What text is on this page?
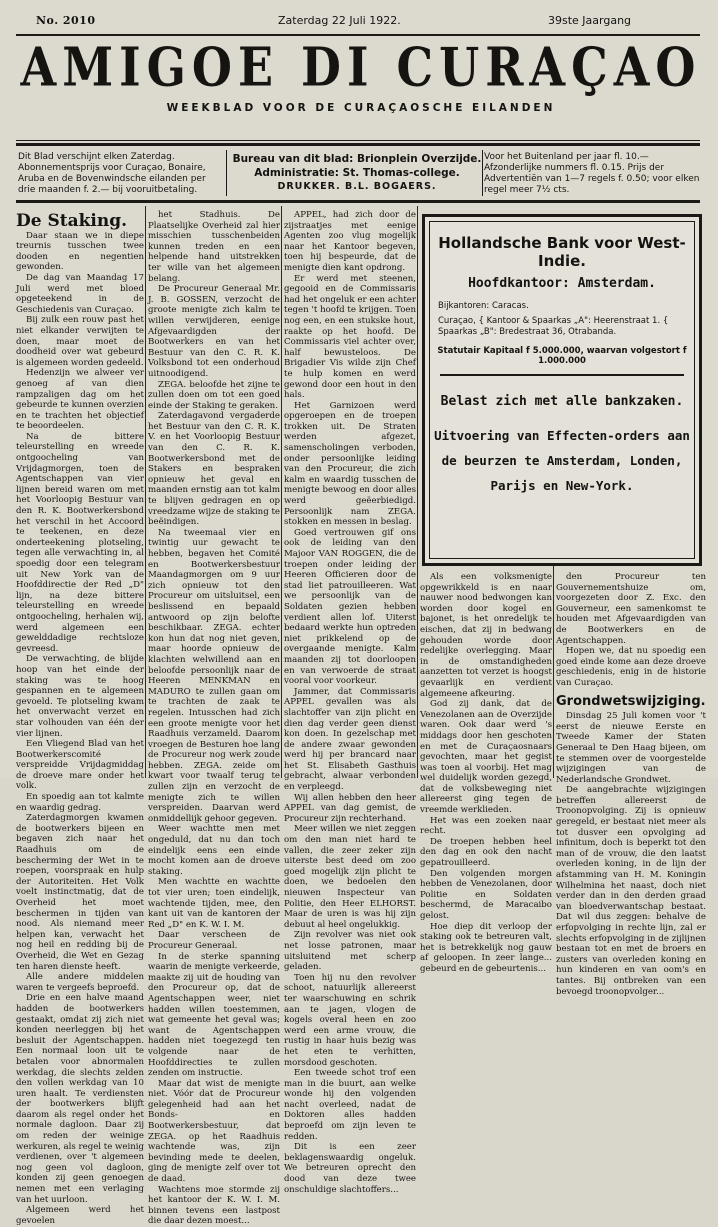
No. 2010	Zaterdag 22 Juli 1922.	39ste Jaargang
AMIGOE DI CURAÇAO
WEEKBLAD VOOR DE CURAÇAOSCHE EILANDEN
Dit Blad verschijnt elken Zaterdag. Abonnementsprijs voor Curaçao, Bonaire, Aruba en de Bovenwindsche eilanden per drie maanden f. 2.— bij vooruitbetaling.
Bureau van dit blad: Brionplein Overzijde.
Administratie: St. Thomas-college.
DRUKKER. B.L. BOGAERS.
Voor het Buitenland per jaar fl. 10.— Afzonderlijke nummers fl. 0.15. Prijs der Advertentiën van 1—7 regels f. 0.50; voor elken regel meer 7½ cts.
De Staking.

Daar staan we in diepe treurnis tusschen twee dooden en negentien gewonden.

De dag van Maandag 17 Juli werd met bloed opgeteekend in de Geschiedenis van Curaçao.

Bij zulk een rouw past het niet elkander verwijten te doen, maar moet de doodheid over wat gebeurd is algemeen worden gedeeld.

Hedenzijn we alweer ver genoeg af van dien rampzaligen dag om het gebeurde te kunnen overzien en te trachten het objectief te beoordeelen.

Na de bittere teleurstelling en wreede ontgoocheling van Vrijdagmorgen, toen de Agentschappen van vier lijnen bereid waren om met het Voorloopig Bestuur van den R. K. Bootwerkersbond het verschil in het Accoord te teekenen, en deze onderteekening plotseling, tegen alle verwachting in, al spoedig door een telegram uit New York van de Hoofddirectie der Red „D" lijn, na deze bittere teleurstelling en wreede ontgoocheling, herhalen wij, werd algemeen een gewelddadige rechtsloze gevreesd.

De verwachting, de blijde hoop van het einde der staking was te hoog gespannen en te algemeen gevoeld. Te plotseling kwam het onverwacht verzet en star volhouden van één der vier lijnen.

Een Vliegend Blad van het Bootwerkerscomité verspreidde Vrijdagmiddag de droeve mare onder het volk.

En spoedig aan tot kalmte en waardig gedrag.

Zaterdagmorgen kwamen de bootwerkers bijeen en begaven zich naar het Raadhuis om de bescherming der Wet in te roepen, voorspraak en hulp der Autoriteiten. Het Volk voelt instinctmatig, dat de Overheid het moet beschermen in tijden van nood. Als niemand meer helpen kan, verwacht het nog heil en redding bij de Overheid, die Wet en Gezag ten haren dienste heeft.

Alle andere middelen waren te vergeefs beproefd.

Drie en een halve maand hadden de bootwerkers gestaakt, omdat zij zich niet konden neerleggen bij het besluit der Agentschappen. Een normaal loon uit te betalen voor abnormalen werkdag, die slechts zelden den vollen werkdag van 10 uren haalt. Te verdiensten der bootwerkers blijft daarom als regel onder het normale dagloon. Daar zij om reden der weinige werkuren, als regel te weinig verdienen, over 't algemeen nog geen vol dagloon, konden zij geen genoegen nemen met een verlaging van het uurloon.

Algemeen werd het gevoelen

het Stadhuis. De Plaatselijke Overheid zal hier misschien tusschenbeiden kunnen treden en een helpende hand uitstrekken ter wille van het algemeen belang.

De Procureur Generaal Mr. J. B. GOSSEN, verzocht de groote menigte zich kalm te willen verwijderen, eenige Afgevaardigden der Bootwerkers en van het Bestuur van den C. R. K. Volksbond tot een onderhoud uitnoodigend.

ZEGA. beloofde het zijne te zullen doen om tot een goed einde der Staking te geraken.

Zaterdagavond vergaderde het Bestuur van den C. R. K. V. en het Voorloopig Bestuur van den C. R. K. Bootwerkersbond met de Stakers en bespraken opnieuw het geval en maanden ernstig aan tot kalm te blijven gedragen en op vreedzame wijze de staking te beëindigen.

Na tweemaal vier en twintig uur gewacht te hebben, begaven het Comité en Bootwerkersbestuur Maandagmorgen om 9 uur zich opnieuw tot den Procureur om uitsluitsel, een beslissend en bepaald antwoord op zijn belofte beschikbaar. ZEGA. echter kon hun dat nog niet geven, maar hoorde opnieuw de klachten welwillend aan en beloofde persoonlijk naar de Heeren MENKMAN en MADURO te zullen gaan om te trachten de zaak te regelen. Intusschen had zich een groote menigte voor het Raadhuis verzameld. Daarom vroegen de Besturen hoe lang de Procureur nog werk zoude hebben. ZEGA. zeide om kwart voor twaalf terug te zullen zijn en verzocht de menigte zich te willen verspreiden. Daarvan werd onmiddellijk gehoor gegeven.

Weer wachtte men met ongeduld, dat nu dan toch eindelijk eens een einde mocht komen aan de droeve staking.

Men wachtte en wachtte tot vier uren; toen eindelijk, wachtende tijden, mee, den kant uit van de kantoren der Red „D" en K. W. I. M.

Daar verscheen de Procureur Generaal.

In de sterke spanning waarin de menigte verkeerde, maakte zij uit de houding van den Procureur op, dat de Agentschappen weer, niet hadden willen toestemmen, wat gemeente het geval was; want de Agentschappen hadden niet toegezegd ten volgende naar de Hoofddirecties te zullen zenden om instructie.

Maar dat wist de menigte niet. Vóór dat de Procureur gelegenheid had aan het Bonds- en Bootwerkersbestuur, dat ZEGA. op het Raadhuis wachtende was, zijn bevinding mede te deelen, ging de menigte zelf over tot de daad.

Wachtens moe stormde zij het kantoor der K. W. I. M. binnen tevens een lastpost die daar dezen moest...

APPEL, had zich door de zijstraatjes met eenige Agenten zoo vlug mogelijk naar het Kantoor begeven, toen hij bespeurde, dat de menigte dien kant opdrong.

Er werd met steenen, gegooid en de Commissaris had het ongeluk er een achter tegen 't hoofd te krijgen. Toen nog een, en een stukske hout, raakte op het hoofd. De Commissaris viel achter over, half bewusteloos. De Brigadier Vis wilde zijn Chef te hulp komen en werd gewond door een hout in den hals.

Het Garnizoen werd opgeroepen en de troepen trokken uit. De Straten werden afgezet, samenscholingen verboden, onder persoonlijke leiding van den Procureur, die zich kalm en waardig tusschen de menigte bewoog en door alles werd geëerbiedigd. Persoonlijk nam ZEGA. stokken en messen in beslag.

Goed vertrouwen gif ons ook de leiding van den Majoor VAN ROGGEN, die de troepen onder leiding der Heeren Officieren door de stad liet patrouilleeren. Wat we persoonlijk van de Soldaten gezien hebben verdient allen lof. Uiterst bedaard werkte hun optreden niet prikkelend op de overgaande menigte. Kalm maanden zij tot doorloopen en van verwoerde de straat vooral voor voorkeur.

Jammer, dat Commissaris APPEL gevallen was als slachtoffer van zijn plicht en dien dag verder geen dienst kon doen. In gezelschap met de andere zwaar gewonden werd hij per brancard naar het St. Elisabeth Gasthuis gebracht, alwaar verbonden en verpleegd.

Wij allen hebben den heer APPEL van dag gemist, de Procureur zijn rechterhand.

Meer willen we niet zeggen om den man niet hard te vallen, die zeer zeker zijn uiterste best deed om zoo goed mogelijk zijn plicht te doen, we bedoelen den nieuwen Inspecteur van Politie, den Heer ELHORST. Maar de uren is was hij zijn debuut al heel ongelukkig.

Zijn revolver was niet ook net losse patronen, maar uitsluitend met scherp geladen.

Toen hij nu den revolver schoot, natuurlijk allereerst ter waarschuwing en schrik aan te jagen, vlogen de kogels overal heen en zoo werd een arme vrouw, die rustig in haar huis bezig was het eten te verhitten, morsdood geschoten.

Een tweede schot trof een man in die buurt, aan welke wonde hij den volgenden nacht overleed, nadat de Doktoren alles hadden beproefd om zijn leven te redden.

Dit is een zeer beklagenswaardig ongeluk. We betreuren oprecht den dood van deze twee onschuldige slachtoffers...

Hollandsche Bank voor West-Indie.
Hoofdkantoor: Amsterdam.
Bijkantoren: Caracas.
Curaçao, { Kantoor & Spaarkas „A": Heerenstraat 1. { Spaarkas „B": Bredestraat 36, Otrabanda.
Statutair Kapitaal f 5.000.000, waarvan volgestort f 1.000.000
Belast zich met alle bankzaken.
Uitvoering van Effecten-orders aan
de beurzen te Amsterdam, Londen,
Parijs en New-York.

Als een volksmenigte opgewrikkeld is en naar nauwer nood bedwongen kan worden door kogel en bajonet, is het onredelijk te eischen, dat zij in bedwang gehouden worde door redelijke overlegging. Maar in de omstandigheden aanzetten tot verzet is hoogst gevaarlijk en verdient algemeene afkeuring.

God zij dank, dat de Venezolanen aan de Overzijde waren. Ook daar werd 's middags door hen geschoten en met de Curaçaosnaars gevochten, maar het gegist was toen al voorbij. Het mag wel duidelijk worden gezegd, dat de volksbeweging niet allereerst ging tegen de vreemde werklieden.

Het was een zoeken naar recht.

De troepen hebben heel den dag en ook den nacht gepatrouilleerd.

Den volgenden morgen hebben de Venezolanen, door Politie en Soldaten beschermd, de Maracaibo gelost.

Hoe diep dit verloop der staking ook te betreuren valt, het is betrekkelijk nog gauw af geloopen. In zeer lange... gebeurd en de gebeurtenis...

den Procureur ten Gouvernementshuize om, voorgezeten door Z. Exc. den Gouverneur, een samenkomst te houden met Afgevaardigden van de Bootwerkers en de Agentschappen.

Hopen we, dat nu spoedig een goed einde kome aan deze droeve geschiedenis, enig in de historie van Curaçao.

Grondwetswijziging.

Dinsdag 25 Juli komen voor 't eerst de nieuwe Eerste en Tweede Kamer der Staten Generaal te Den Haag bijeen, om te stemmen over de voorgestelde wijzigingen van de Nederlandsche Grondwet.

De aangebrachte wijzigingen betreffen allereerst de Troonopvolging. Zij is opnieuw geregeld, er bestaat niet meer als tot dusver een opvolging ad infinitum, doch is beperkt tot den man of de vrouw, die den laatst overleden koning, in de lijn der afstamming van H. M. Koningin Wilhelmina het naast, doch niet verder dan in den derden graad van bloedverwantschap bestaat. Dat wil dus zeggen: behalve de erfopvolging in rechte lijn, zal er slechts erfopvolging in de zijlijnen bestaan tot en met de broers en zusters van overleden koning en hun kinderen en van oom's en tantes. Bij ontbreken van een bevoegd troonopvolger...
